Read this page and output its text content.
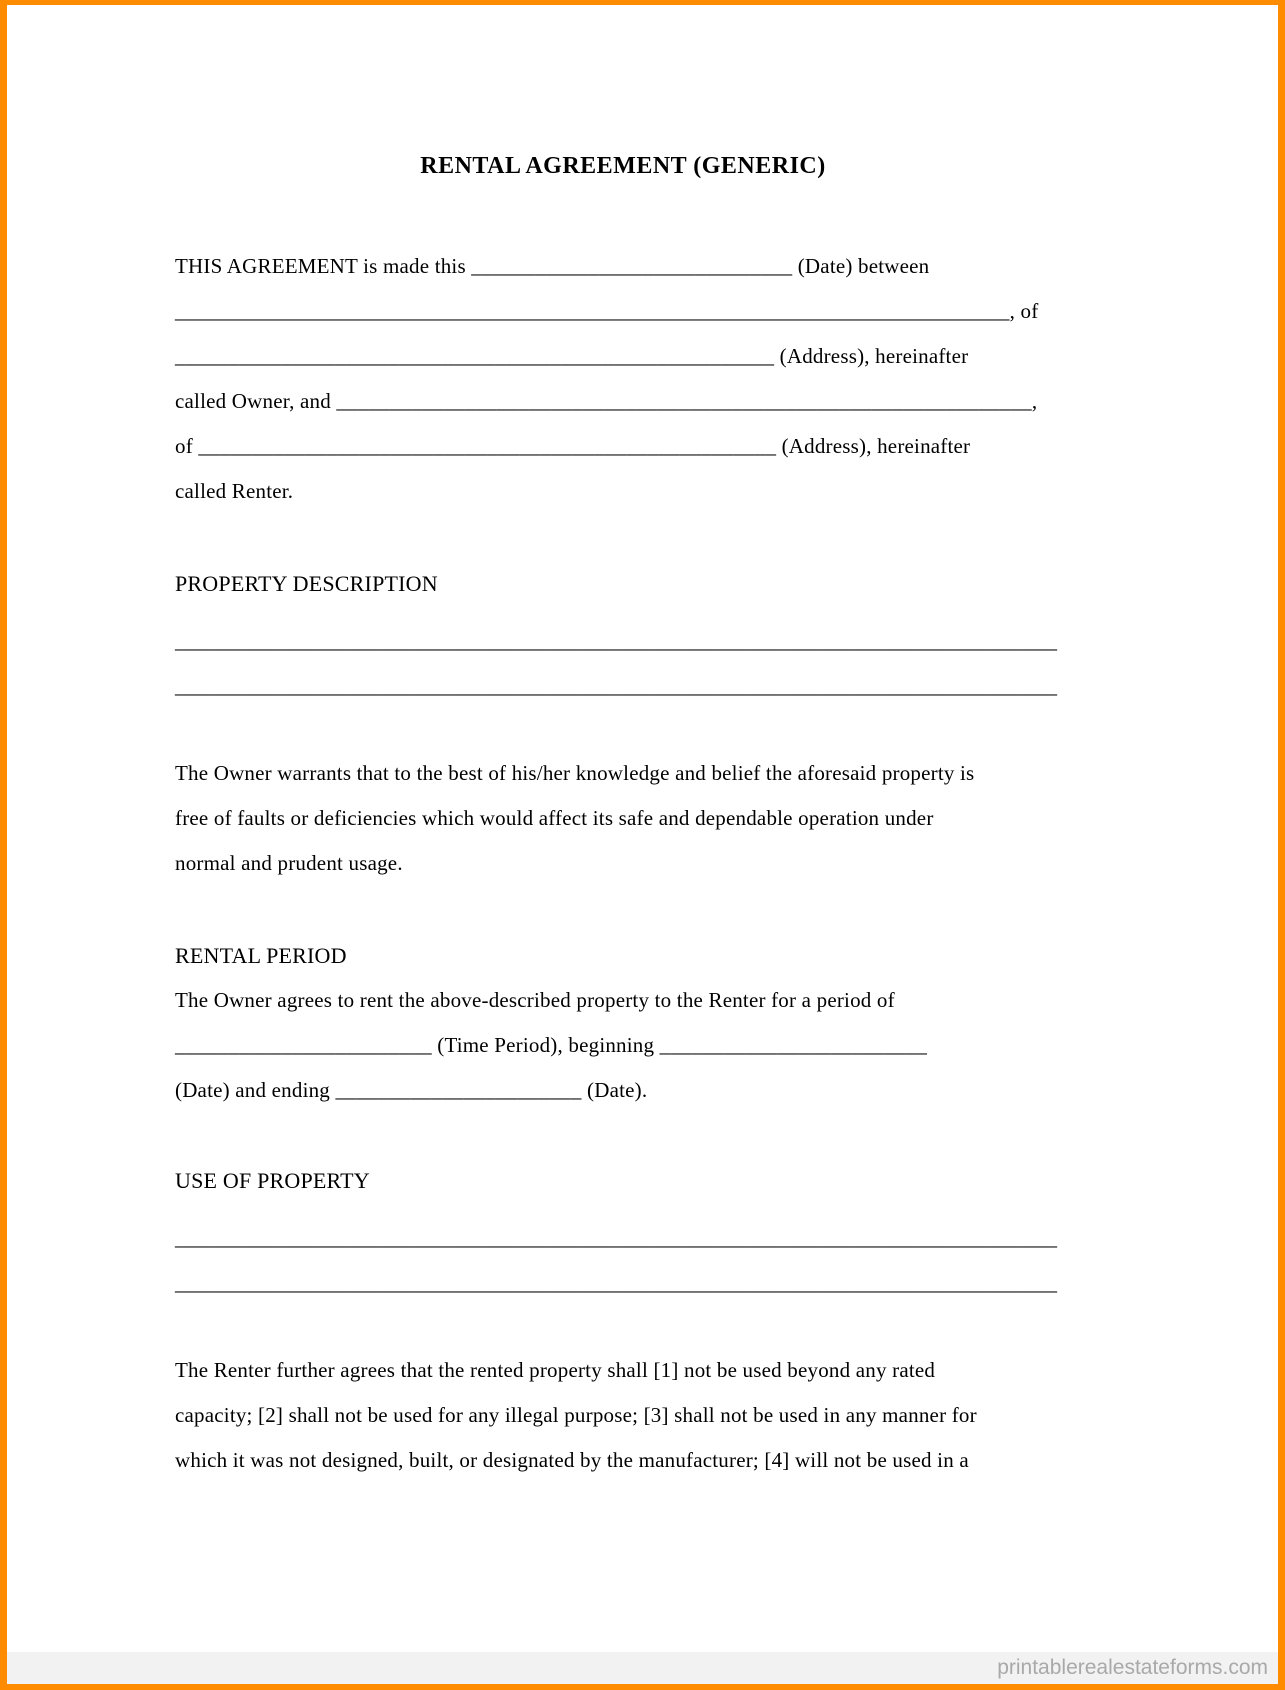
RENTAL AGREEMENT (GENERIC)
THIS AGREEMENT is made this ______________________________ (Date) between
______________________________________________________________________________, of
________________________________________________________ (Address), hereinafter
called Owner, and _________________________________________________________________,
of ______________________________________________________ (Address), hereinafter
called Renter.
PROPERTY DESCRIPTION
____________________________________________________________________________________
____________________________________________________________________________________
The Owner warrants that to the best of his/her knowledge and belief the aforesaid property is
free of faults or deficiencies which would affect its safe and dependable operation under
normal and prudent usage.
RENTAL PERIOD
The Owner agrees to rent the above-described property to the Renter for a period of
________________________ (Time Period), beginning _________________________
(Date) and ending _______________________ (Date).
USE OF PROPERTY
____________________________________________________________________________________
____________________________________________________________________________________
The Renter further agrees that the rented property shall [1] not be used beyond any rated
capacity; [2] shall not be used for any illegal purpose; [3] shall not be used in any manner for
which it was not designed, built, or designated by the manufacturer; [4] will not be used in a
printablerealestateforms.com
